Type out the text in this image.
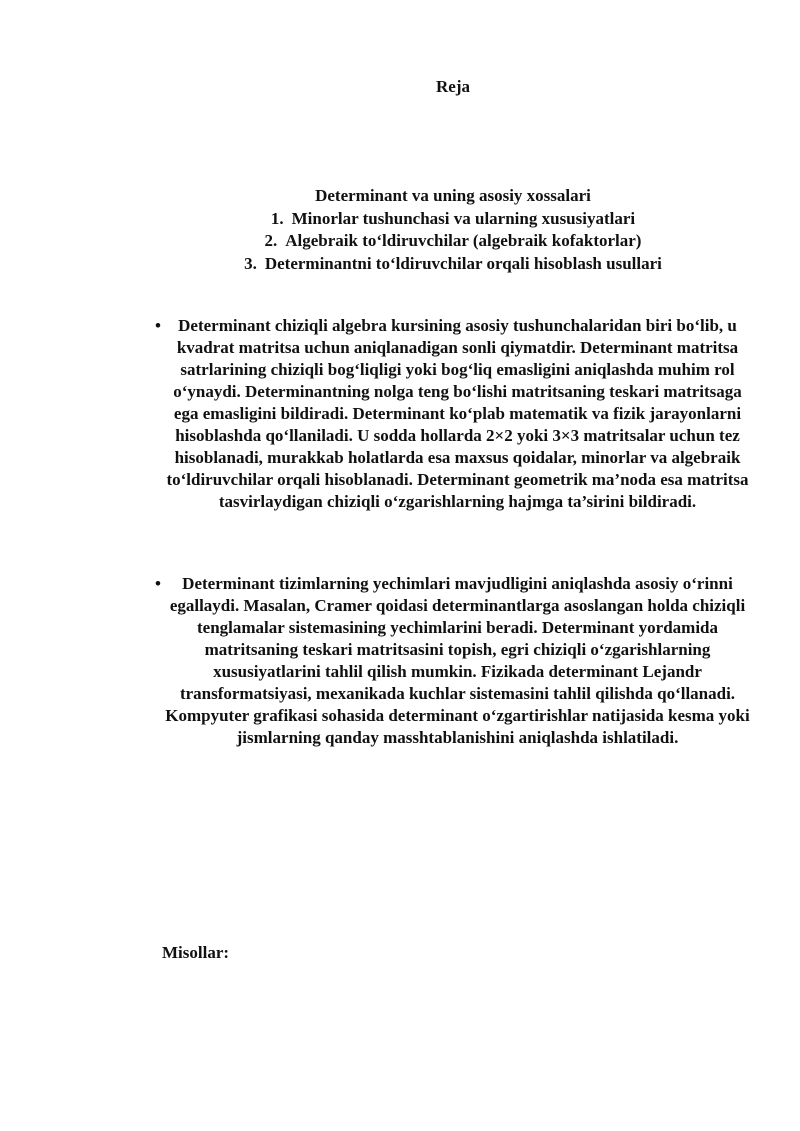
Reja
Determinant va uning asosiy xossalari
1. Minorlar tushunchasi va ularning xususiyatlari
2. Algebraik to‘ldiruvchilar (algebraik kofaktorlar)
3. Determinantni to‘ldiruvchilar orqali hisoblash usullari
•	Determinant chiziqli algebra kursining asosiy tushunchalaridan biri bo‘lib, u kvadrat matritsa uchun aniqlanadigan sonli qiymatdir. Determinant matritsa satrlarining chiziqli bog‘liqligi yoki bog‘liq emasligini aniqlashda muhim rol o‘ynaydi. Determinantning nolga teng bo‘lishi matritsaning teskari matritsaga ega emasligini bildiradi. Determinant ko‘plab matematik va fizik jarayonlarni hisoblashda qo‘llaniladi. U sodda hollarda 2×2 yoki 3×3 matritsalar uchun tez hisoblanadi, murakkab holatlarda esa maxsus qoidalar, minorlar va algebraik to‘ldiruvchilar orqali hisoblanadi. Determinant geometrik ma’noda esa matritsa tasvirlaydigan chiziqli o‘zgarishlarning hajmga ta’sirini bildiradi.
•	Determinant tizimlarning yechimlari mavjudligini aniqlashda asosiy o‘rinni egallaydi. Masalan, Cramer qoidasi determinantlarga asoslangan holda chiziqli tenglamalar sistemasining yechimlarini beradi. Determinant yordamida matritsaning teskari matritsasini topish, egri chiziqli o‘zgarishlarning xususiyatlarini tahlil qilish mumkin. Fizikada determinant Lejandr transformatsiyasi, mexanikada kuchlar sistemasini tahlil qilishda qo‘llanadi. Kompyuter grafikasi sohasida determinant o‘zgartirishlar natijasida kesma yoki jismlarning qanday masshtablanishini aniqlashda ishlatiladi.
Misollar:
